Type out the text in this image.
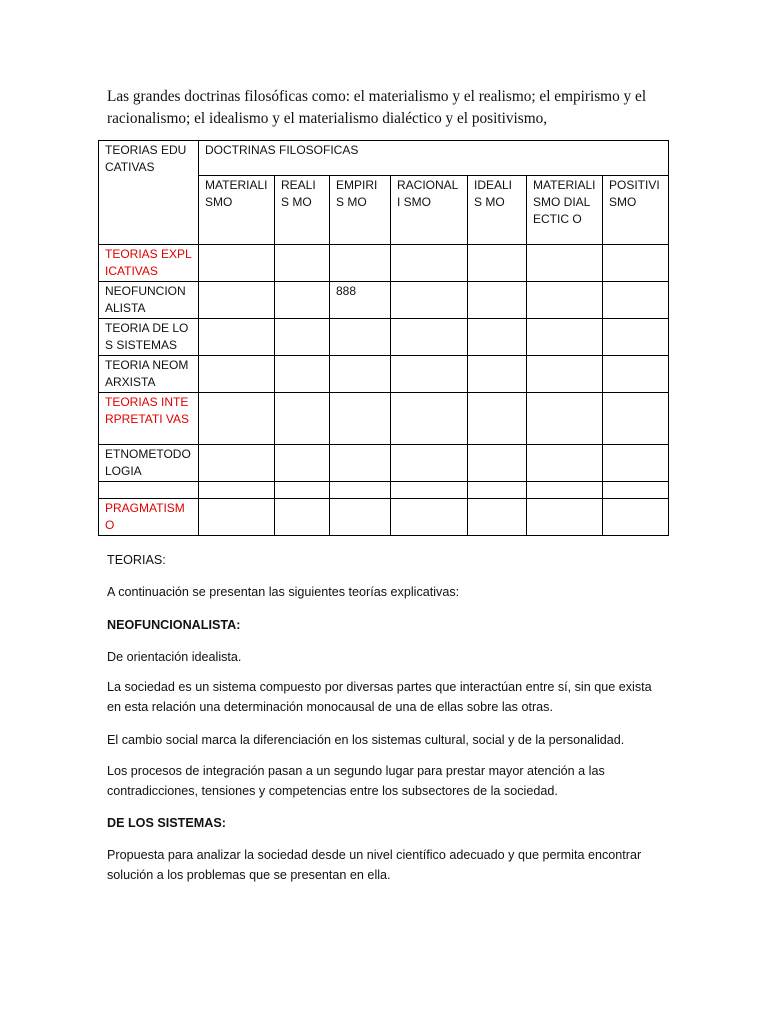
Las grandes doctrinas filosóficas como: el materialismo y el realismo; el empirismo y el racionalismo; el idealismo y el materialismo dialéctico y el positivismo,

TEORIAS EDUCATIVAS	DOCTRINAS FILOSOFICAS						
	MATERIALI SMO	REALIS MO	EMPIRIS MO	RACIONALI SMO	IDEALIS MO	MATERIALI SMO DIALECTIC O	POSITIVI SMO
TEORIAS EXPLICATIVAS							
NEOFUNCION ALISTA			888				
TEORIA DE LOS SISTEMAS							
TEORIA NEOMARXISTA							
TEORIAS INTERPRETATI VAS							
ETNOMETODO LOGIA							

PRAGMATISM O							

TEORIAS:

A continuación se presentan las siguientes teorías explicativas:

NEOFUNCIONALISTA:

De orientación idealista.

La sociedad es un sistema compuesto por diversas partes que interactúan entre sí, sin que exista en esta relación una determinación monocausal de una de ellas sobre las otras.

El cambio social marca la diferenciación en los sistemas cultural, social y de la personalidad.

Los procesos de integración pasan a un segundo lugar para prestar mayor atención a las contradicciones, tensiones y competencias entre los subsectores de la sociedad.

DE LOS SISTEMAS:

Propuesta para analizar la sociedad desde un nivel científico adecuado y que permita encontrar solución a los problemas que se presentan en ella.
